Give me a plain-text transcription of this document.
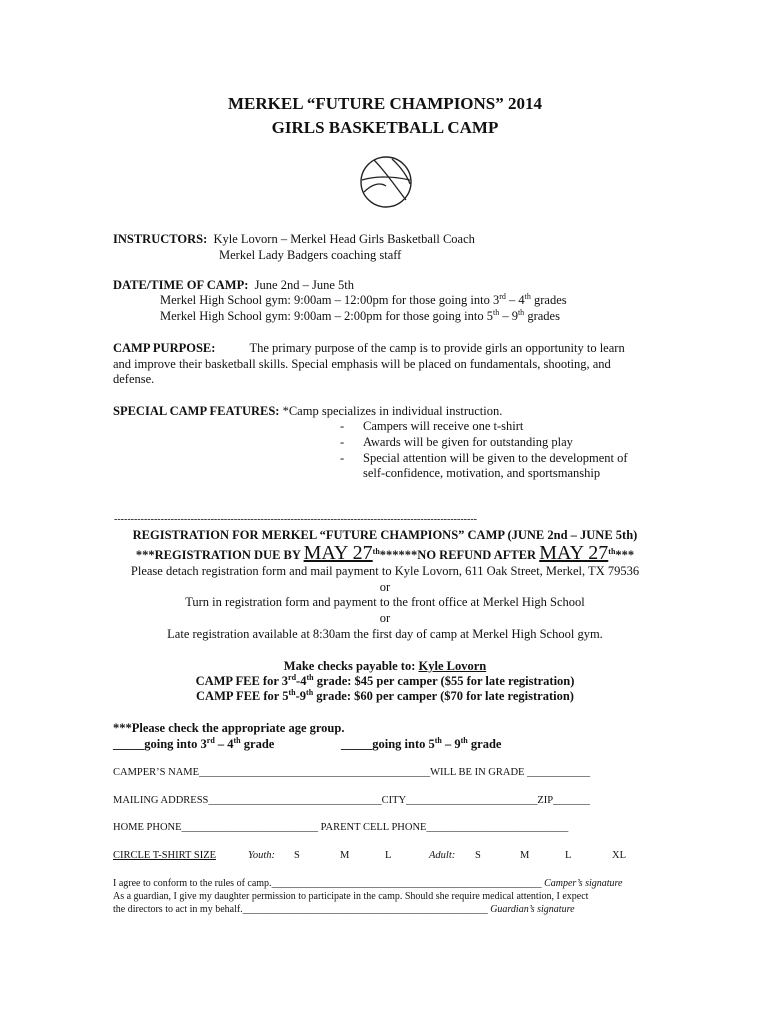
MERKEL “FUTURE CHAMPIONS” 2014
GIRLS BASKETBALL CAMP
INSTRUCTORS: Kyle Lovorn – Merkel Head Girls Basketball Coach
Merkel Lady Badgers coaching staff
DATE/TIME OF CAMP: June 2nd – June 5th
Merkel High School gym: 9:00am – 12:00pm for those going into 3rd – 4th grades
Merkel High School gym: 9:00am – 2:00pm for those going into 5th – 9th grades
CAMP PURPOSE:	The primary purpose of the camp is to provide girls an opportunity to learn
and improve their basketball skills. Special emphasis will be placed on fundamentals, shooting, and
defense.
SPECIAL CAMP FEATURES: *Camp specializes in individual instruction.
- Campers will receive one t-shirt
- Awards will be given for outstanding play
- Special attention will be given to the development of
self-confidence, motivation, and sportsmanship
-------------------------------------------------------------------------------------------------------------
REGISTRATION FOR MERKEL “FUTURE CHAMPIONS” CAMP (JUNE 2nd – JUNE 5th)
***REGISTRATION DUE BY MAY 27th******NO REFUND AFTER MAY 27th***
Please detach registration form and mail payment to Kyle Lovorn, 611 Oak Street, Merkel, TX 79536
or
Turn in registration form and payment to the front office at Merkel High School
or
Late registration available at 8:30am the first day of camp at Merkel High School gym.
Make checks payable to: Kyle Lovorn
CAMP FEE for 3rd-4th grade: $45 per camper ($55 for late registration)
CAMP FEE for 5th-9th grade: $60 per camper ($70 for late registration)
***Please check the appropriate age group.
_____going into 3rd – 4th grade	_____going into 5th – 9th grade
CAMPER’S NAME____________________________________________WILL BE IN GRADE ____________
MAILING ADDRESS_________________________________CITY_________________________ZIP_______
HOME PHONE__________________________ PARENT CELL PHONE___________________________
CIRCLE T-SHIRT SIZE	Youth: S	M	L	Adult: S	M	L	XL
I agree to conform to the rules of camp.______________________________________________________ Camper’s signature
As a guardian, I give my daughter permission to participate in the camp. Should she require medical attention, I expect
the directors to act in my behalf._________________________________________________ Guardian’s signature
